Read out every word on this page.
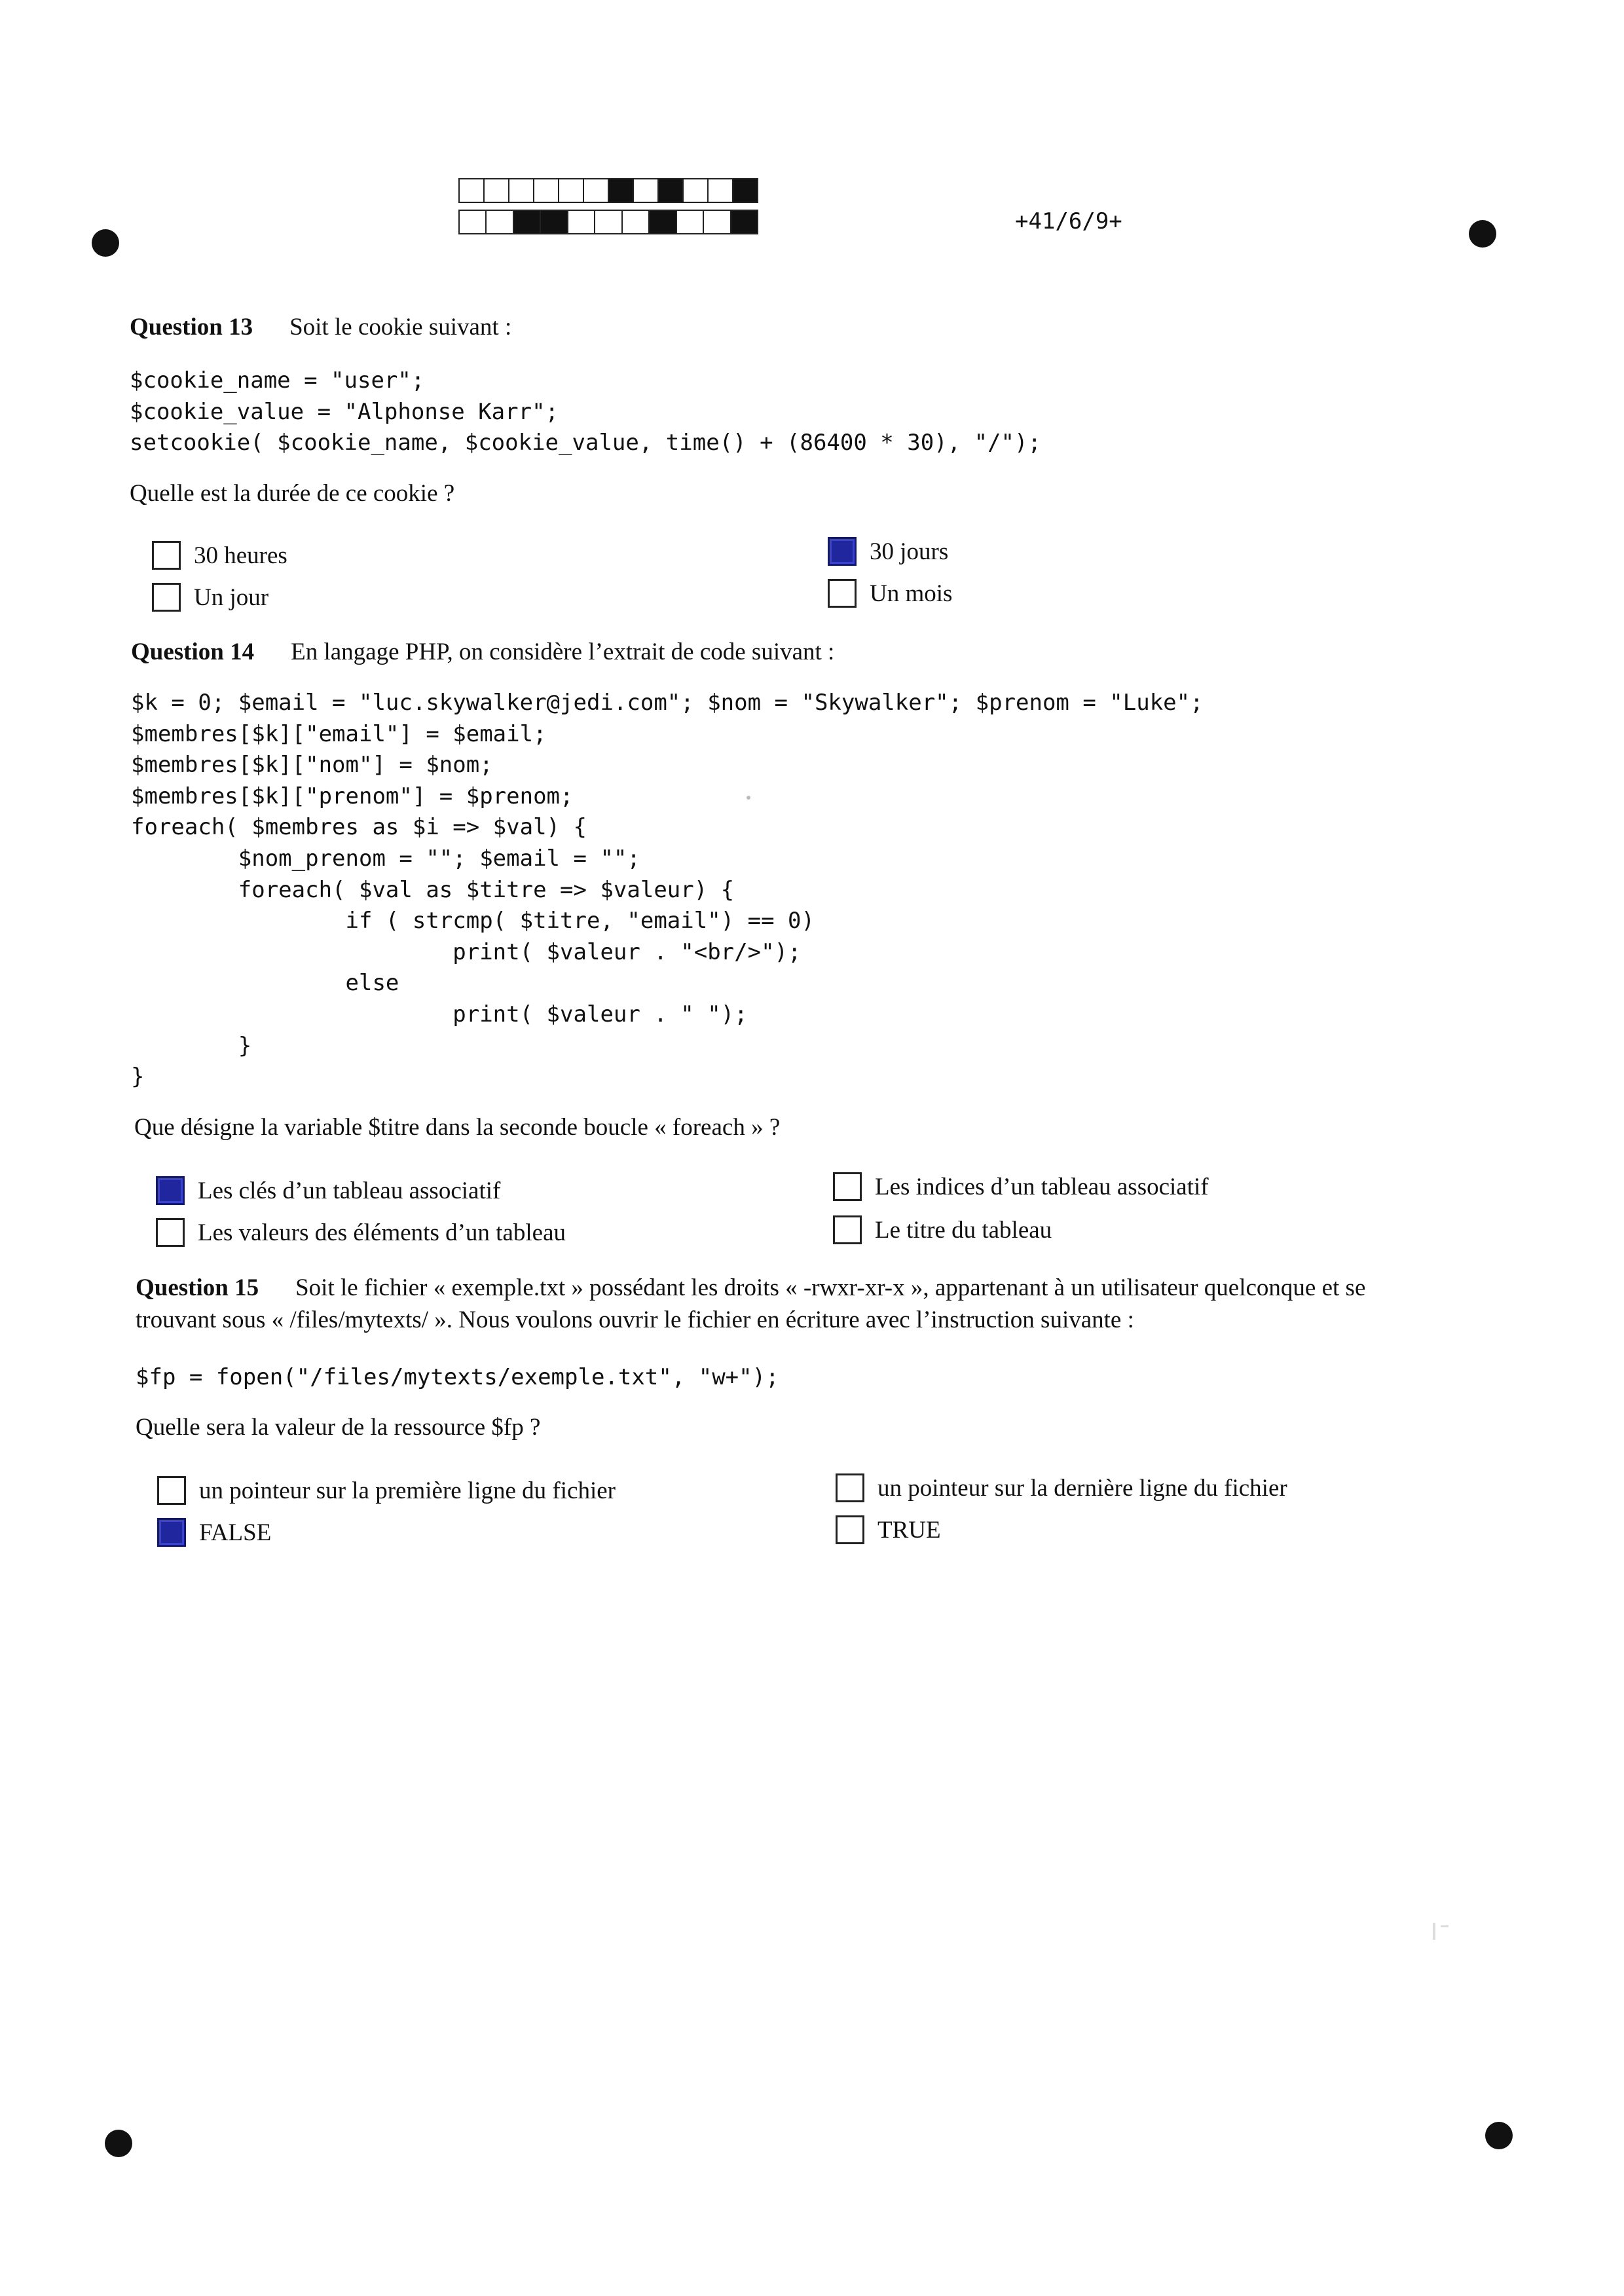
+41/6/9+
Question 13 Soit le cookie suivant :
$cookie_name = "user";
$cookie_value = "Alphonse Karr";
setcookie( $cookie_name, $cookie_value, time() + (86400 * 30), "/");
Quelle est la durée de ce cookie ?
30 heures
Un jour
30 jours
Un mois
Question 14 En langage PHP, on considère l’extrait de code suivant :
$k = 0; $email = "luc.skywalker@jedi.com"; $nom = "Skywalker"; $prenom = "Luke";
$membres[$k]["email"] = $email;
$membres[$k]["nom"] = $nom;
$membres[$k]["prenom"] = $prenom;
foreach( $membres as $i => $val) {
$nom_prenom = ""; $email = "";
foreach( $val as $titre => $valeur) {
if ( strcmp( $titre, "email") == 0)
print( $valeur . "<br/>");
else
print( $valeur . " ");
}
}
Que désigne la variable $titre dans la seconde boucle « foreach » ?
Les clés d’un tableau associatif
Les valeurs des éléments d’un tableau
Les indices d’un tableau associatif
Le titre du tableau
Question 15 Soit le fichier « exemple.txt » possédant les droits « -rwxr-xr-x », appartenant à un utilisateur quelconque et se trouvant sous « /files/mytexts/ ». Nous voulons ouvrir le fichier en écriture avec l’instruction suivante :
$fp = fopen("/files/mytexts/exemple.txt", "w+");
Quelle sera la valeur de la ressource $fp ?
un pointeur sur la première ligne du fichier
FALSE
un pointeur sur la dernière ligne du fichier
TRUE
